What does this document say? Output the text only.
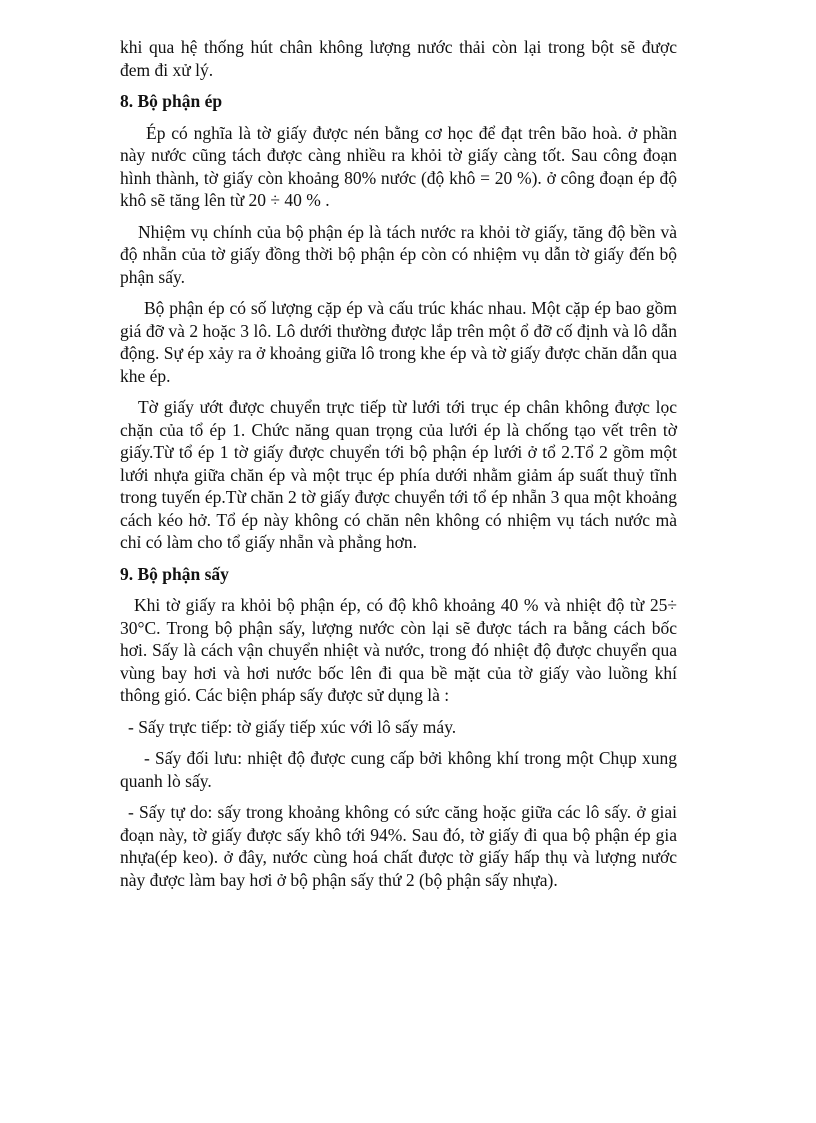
khi qua hệ thống hút chân không lượng nước thải còn lại trong bột sẽ được đem đi xử lý.

8. Bộ phận ép

Ép có nghĩa là tờ giấy được nén bằng cơ học để đạt trên bão hoà. ở phần này nước cũng tách được càng nhiều ra khỏi tờ giấy càng tốt. Sau công đoạn hình thành, tờ giấy còn khoảng 80% nước (độ khô = 20 %). ở công đoạn ép độ khô sẽ tăng lên từ 20 ÷ 40 % .

Nhiệm vụ chính của bộ phận ép là tách nước ra khỏi tờ giấy, tăng độ bền và độ nhẵn của tờ giấy đồng thời bộ phận ép còn có nhiệm vụ dẫn tờ giấy đến bộ phận sấy.

Bộ phận ép có số lượng cặp ép và cấu trúc khác nhau. Một cặp ép bao gồm giá đỡ và 2 hoặc 3 lô. Lô dưới thường được lắp trên một ổ đỡ cố định và lô dẫn động. Sự ép xảy ra ở khoảng giữa lô trong khe ép và tờ giấy được chăn dẫn qua khe ép.

Tờ giấy ướt được chuyển trực tiếp từ lưới tới trục ép chân không được lọc chặn của tổ ép 1. Chức năng quan trọng của lưới ép là chống tạo vết trên tờ giấy.Từ tổ ép 1 tờ giấy được chuyển tới bộ phận ép lưới ở tổ 2.Tổ 2 gồm một lưới nhựa giữa chăn ép và một trục ép phía dưới nhằm giảm áp suất thuỷ tĩnh trong tuyến ép.Từ chăn 2 tờ giấy được chuyển tới tổ ép nhẵn 3 qua một khoảng cách kéo hở. Tổ ép này không có chăn nên không có nhiệm vụ tách nước mà chỉ có làm cho tổ giấy nhẵn và phẳng hơn.

9. Bộ phận sấy

Khi tờ giấy ra khỏi bộ phận ép, có độ khô khoảng 40 % và nhiệt độ từ 25÷ 30°C. Trong bộ phận sấy, lượng nước còn lại sẽ được tách ra bằng cách bốc hơi. Sấy là cách vận chuyển nhiệt và nước, trong đó nhiệt độ được chuyển qua vùng bay hơi và hơi nước bốc lên đi qua bề mặt của tờ giấy vào luồng khí thông gió. Các biện pháp sấy được sử dụng là :

- Sấy trực tiếp: tờ giấy tiếp xúc với lô sấy máy.

- Sấy đối lưu: nhiệt độ được cung cấp bởi không khí trong một Chụp xung quanh lò sấy.

- Sấy tự do: sấy trong khoảng không có sức căng hoặc giữa các lô sấy. ở giai đoạn này, tờ giấy được sấy khô tới 94%. Sau đó, tờ giấy đi qua bộ phận ép gia nhựa(ép keo). ở đây, nước cùng hoá chất được tờ giấy hấp thụ và lượng nước này được làm bay hơi ở bộ phận sấy thứ 2 (bộ phận sấy nhựa).
